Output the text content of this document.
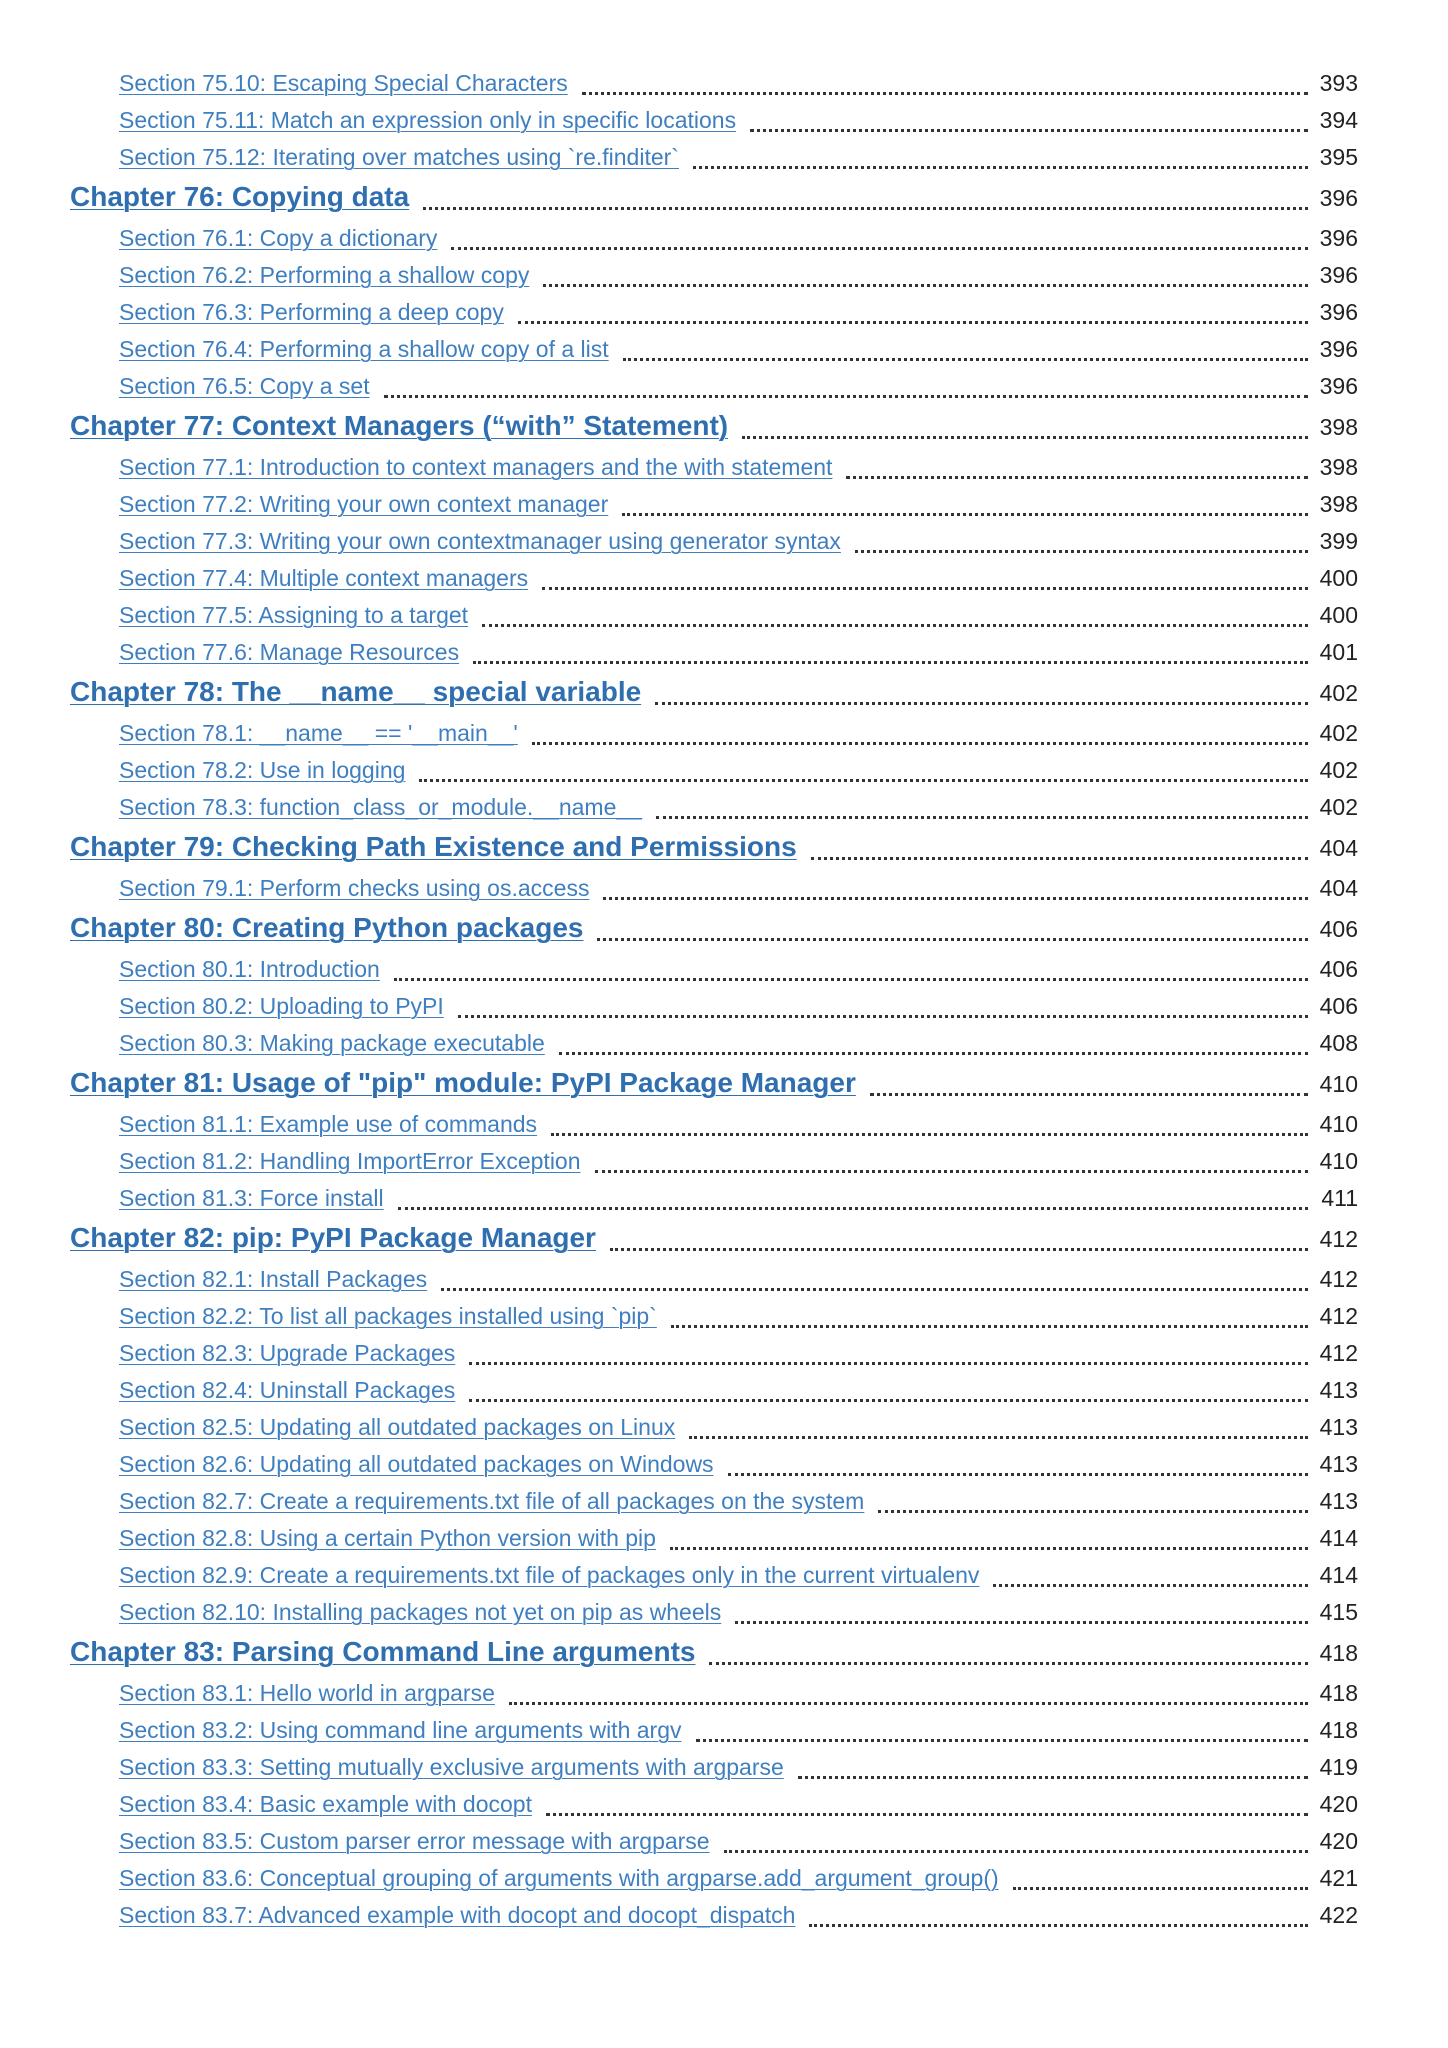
Section 75.10: Escaping Special Characters	393
Section 75.11: Match an expression only in specific locations	394
Section 75.12: Iterating over matches using `re.finditer`	395
Chapter 76: Copying data	396
Section 76.1: Copy a dictionary	396
Section 76.2: Performing a shallow copy	396
Section 76.3: Performing a deep copy	396
Section 76.4: Performing a shallow copy of a list	396
Section 76.5: Copy a set	396
Chapter 77: Context Managers (“with” Statement)	398
Section 77.1: Introduction to context managers and the with statement	398
Section 77.2: Writing your own context manager	398
Section 77.3: Writing your own contextmanager using generator syntax	399
Section 77.4: Multiple context managers	400
Section 77.5: Assigning to a target	400
Section 77.6: Manage Resources	401
Chapter 78: The __name__ special variable	402
Section 78.1: __name__ == '__main__'	402
Section 78.2: Use in logging	402
Section 78.3: function_class_or_module.__name__	402
Chapter 79: Checking Path Existence and Permissions	404
Section 79.1: Perform checks using os.access	404
Chapter 80: Creating Python packages	406
Section 80.1: Introduction	406
Section 80.2: Uploading to PyPI	406
Section 80.3: Making package executable	408
Chapter 81: Usage of "pip" module: PyPI Package Manager	410
Section 81.1: Example use of commands	410
Section 81.2: Handling ImportError Exception	410
Section 81.3: Force install	411
Chapter 82: pip: PyPI Package Manager	412
Section 82.1: Install Packages	412
Section 82.2: To list all packages installed using `pip`	412
Section 82.3: Upgrade Packages	412
Section 82.4: Uninstall Packages	413
Section 82.5: Updating all outdated packages on Linux	413
Section 82.6: Updating all outdated packages on Windows	413
Section 82.7: Create a requirements.txt file of all packages on the system	413
Section 82.8: Using a certain Python version with pip	414
Section 82.9: Create a requirements.txt file of packages only in the current virtualenv	414
Section 82.10: Installing packages not yet on pip as wheels	415
Chapter 83: Parsing Command Line arguments	418
Section 83.1: Hello world in argparse	418
Section 83.2: Using command line arguments with argv	418
Section 83.3: Setting mutually exclusive arguments with argparse	419
Section 83.4: Basic example with docopt	420
Section 83.5: Custom parser error message with argparse	420
Section 83.6: Conceptual grouping of arguments with argparse.add_argument_group()	421
Section 83.7: Advanced example with docopt and docopt_dispatch	422
